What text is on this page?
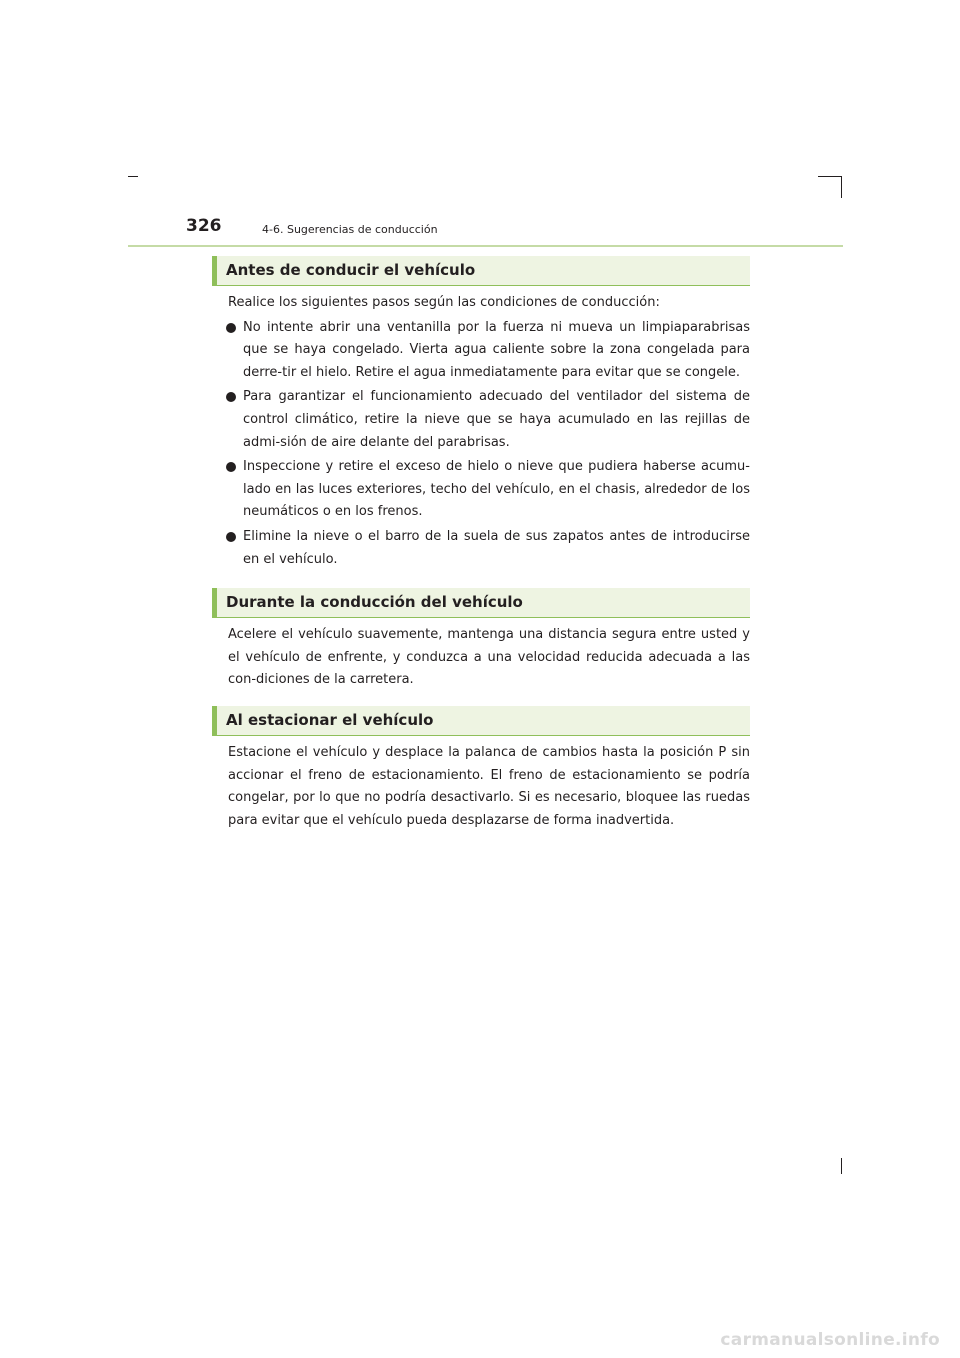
326	4-6. Sugerencias de conducción
Antes de conducir el vehículo

Realice los siguientes pasos según las condiciones de conducción:

No intente abrir una ventanilla por la fuerza ni mueva un limpiaparabrisas que se haya congelado. Vierta agua caliente sobre la zona congelada para derre-tir el hielo. Retire el agua inmediatamente para evitar que se congele.
Para garantizar el funcionamiento adecuado del ventilador del sistema de control climático, retire la nieve que se haya acumulado en las rejillas de admi-sión de aire delante del parabrisas.
Inspeccione y retire el exceso de hielo o nieve que pudiera haberse acumu-lado en las luces exteriores, techo del vehículo, en el chasis, alrededor de los neumáticos o en los frenos.
Elimine la nieve o el barro de la suela de sus zapatos antes de introducirse en el vehículo.
Durante la conducción del vehículo

Acelere el vehículo suavemente, mantenga una distancia segura entre usted y el vehículo de enfrente, y conduzca a una velocidad reducida adecuada a las con-diciones de la carretera.

Al estacionar el vehículo

Estacione el vehículo y desplace la palanca de cambios hasta la posición P sin accionar el freno de estacionamiento. El freno de estacionamiento se podría congelar, por lo que no podría desactivarlo. Si es necesario, bloquee las ruedas para evitar que el vehículo pueda desplazarse de forma inadvertida.

carmanualsonline.info
